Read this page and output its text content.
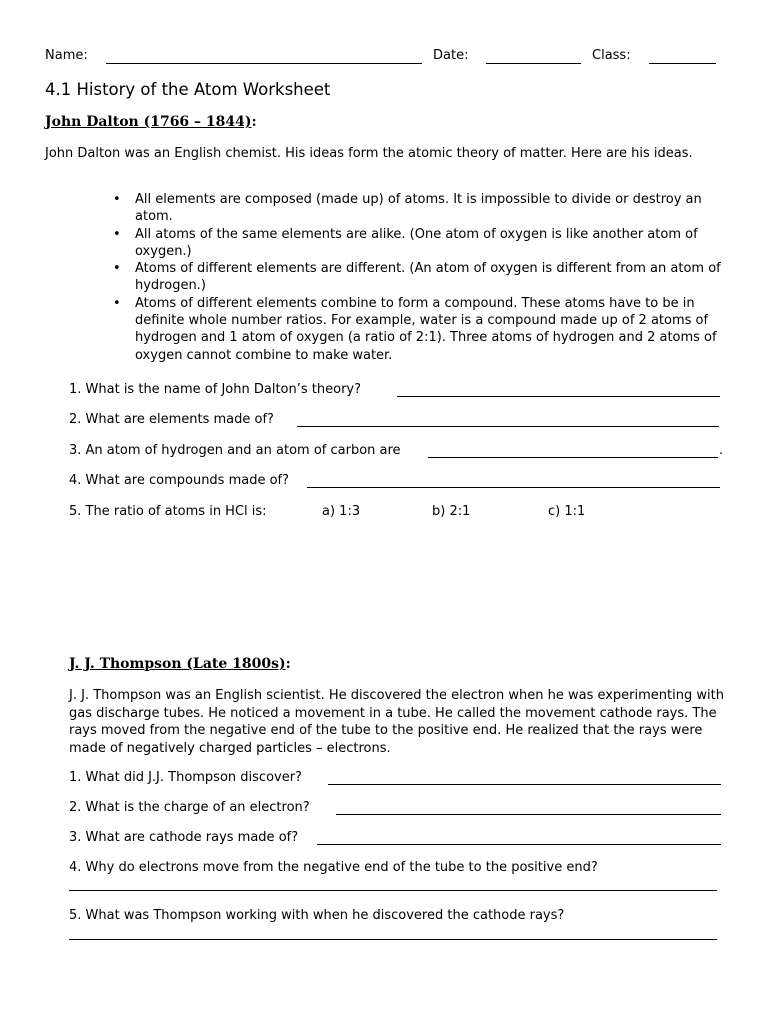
Name:	Date:	Class:
4.1 History of the Atom Worksheet
John Dalton (1766 – 1844):
John Dalton was an English chemist. His ideas form the atomic theory of matter. Here are his ideas.
• All elements are composed (made up) of atoms. It is impossible to divide or destroy an atom.
• All atoms of the same elements are alike. (One atom of oxygen is like another atom of oxygen.)
• Atoms of different elements are different. (An atom of oxygen is different from an atom of hydrogen.)
• Atoms of different elements combine to form a compound. These atoms have to be in definite whole number ratios. For example, water is a compound made up of 2 atoms of hydrogen and 1 atom of oxygen (a ratio of 2:1). Three atoms of hydrogen and 2 atoms of oxygen cannot combine to make water.
1. What is the name of John Dalton’s theory?
2. What are elements made of?
3. An atom of hydrogen and an atom of carbon are	.
4. What are compounds made of?
5. The ratio of atoms in HCl is:	a) 1:3	b) 2:1	c) 1:1
J. J. Thompson (Late 1800s):
J. J. Thompson was an English scientist. He discovered the electron when he was experimenting with gas discharge tubes. He noticed a movement in a tube. He called the movement cathode rays. The rays moved from the negative end of the tube to the positive end. He realized that the rays were made of negatively charged particles – electrons.
1. What did J.J. Thompson discover?
2. What is the charge of an electron?
3. What are cathode rays made of?
4. Why do electrons move from the negative end of the tube to the positive end?
5. What was Thompson working with when he discovered the cathode rays?
